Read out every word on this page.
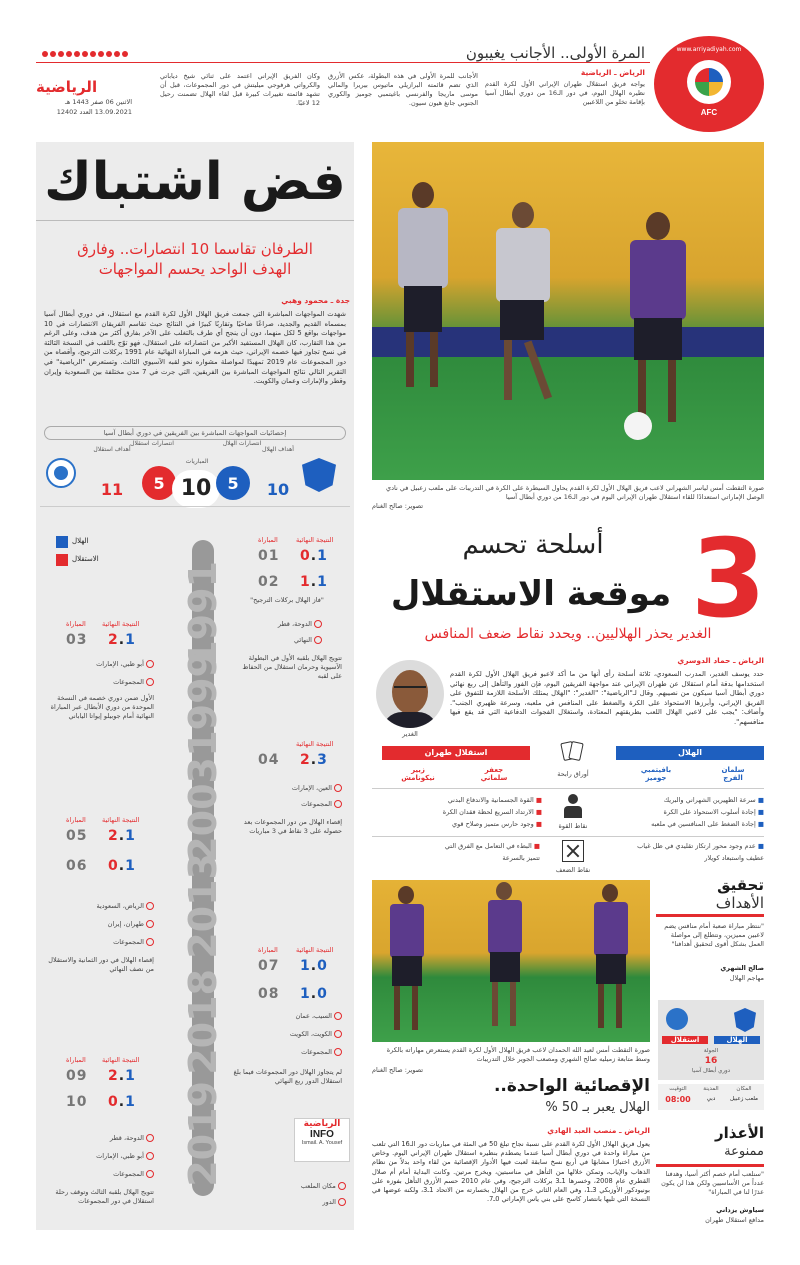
www.arriyadiyah.com
AFC
المرة الأولى.. الأجانب يغيبون
الرياض ـ الرياضية
يواجه فريق استقلال طهران الإيراني الأول لكرة القدم نظيره الهلال اليوم، في دور الـ16 من دوري أبطال آسيا بإقامة تخلو من اللاعبين
الأجانب للمرة الأولى في هذه البطولة، عكس الأزرق الذي تضم قائمته البرازيلي ماتيوس بيريرا والمالي موسى ماريجا والفرنسي باغيتمبي جوميز والكوري الجنوبي جانغ هيون سيون.
وكان الفريق الإيراني اعتمد على ثنائي شيخ دياباتي والكرواتي هرفوجي ميليتش في دور المجموعات، قبل أن تشهد قائمته تغييرات كبيرة قبل لقاء الهلال تضمنت رحيل 12 لاعبًا.
الرياضية
الاثنين 06 صفر 1443 هـ
13.09.2021 العدد 12402
فض اشتباك
الطرفان تقاسما 10 انتصارات.. وفارق
الهدف الواحد يحسم المواجهات
جدة ـ محمود وهبي
شهدت المواجهات المباشرة التي جمعت فريق الهلال الأول لكرة القدم مع استقلال، في دوري أبطال آسيا بمسماه القديم والجديد، صراعًا ضاحيًا وتقاربًا كبيرًا في النتائج حيث تقاسم الفريقان الانتصارات في 10 مواجهات بواقع 5 لكل منهما، دون أن ينجح أي طرف بالتغلب على الآخر بفارق أكثر من هدف، وعلى الرغم من هذا التقارب، كان الهلال المستفيد الأكبر من انتصاراته على استقلال، فهو توّج باللقب في النسخة الثالثة في نسخ تجاوز فيها خصمه الإيراني، حيث هزمه في المباراة النهائية عام 1991 بركلات الترجيح، وأقصاه من دور المجموعات عام 2019 تمهيدًا لمواصلة مشواره نحو لقبه الآسيوي الثالث. وتستعرض "الرياضية" في التقرير التالي نتائج المواجهات المباشرة بين الفريقين، التي جرت في 7 مدن مختلفة بين السعودية وإيران وقطر والإمارات وعمان والكويت.
إحصائيات المواجهات المباشرة بين الفريقين في دوري أبطال آسيا
أهداف استقلال
11
انتصارات استقلال
5
المباريات
10
انتصارات الهلال
5
أهداف الهلال
10
الهلال
الاستقلال
1991
1999
2003
2013
2018
2019
النتيجة النهائية
المباراة
0.1
01
1.1
02
"فاز الهلال بركلات الترجيح"
النتيجة النهائية
المباراة
2.1
03
الدوحة، قطر
النهائي
تتويج الهلال بلقبه الأول في البطولة الآسيوية وحرمان استقلال من الحفاظ على لقبه
أبو ظبي، الإمارات
المجموعات
الأول ضمن دوري خصمه في النسخة الموحدة من دوري الأبطال عبر المباراة النهائية أمام جوبيلو إيواتا الياباني
النتيجة النهائية
2.3
04
العين، الإمارات
المجموعات
إقصاء الهلال من دور المجموعات بعد حصوله على 3 نقاط في 3 مباريات
النتيجة النهائية
المباراة
2.1
05
0.1
06
الرياض، السعودية
طهران، إيران
المجموعات
إقصاء الهلال في دور الثمانية والاستقلال من نصف النهائي
النتيجة النهائية
المباراة
1.0
07
1.0
08
السيب، عمان
الكويت، الكويت
المجموعات
لم يتجاوز الهلال دور المجموعات فيما بلغ استقلال الدور ربع النهائي
النتيجة النهائية
المباراة
2.1
09
0.1
10
الدوحة، قطر
أبو ظبي، الإمارات
المجموعات
تتويج الهلال بلقبه الثالث وتوقف رحلة استقلال في دور المجموعات
الرياضية
INFO
Ismail. A. Yousef
مكان الملعب
الدور
صورة التقطت أمس لياسر الشهراني لاعب فريق الهلال الأول لكرة القدم يحاول السيطرة على الكرة في التدريبات على ملعب زعبيل في نادي الوصل الإماراتي استعدادًا للقاء استقلال طهران الإيراني اليوم في دور الـ16 من دوري أبطال آسيا
تصوير: صالح الغنام
3
أسلحة تحسم
موقعة الاستقلال
الغدير يحذر الهلاليين.. ويحدد نقاط ضعف المنافس
الرياض ـ حماد الدوسري
الغدير
حدد يوسف الغدير، المدرب السعودي، ثلاثة أسلحة رأى أنها من ما أكد لاعبو فريق الهلال الأول لكرة القدم استخدامها بدقة أمام استقلال عن طهران الإيراني عند مواجهة الفريقين اليوم، فإن الفوز والتأهل إلى ربع نهائي دوري أبطال آسيا سيكون من نصيبهم. وقال لـ"الرياضية": "الغدير": "الهلال يمتلك الأسلحة اللازمة للتفوق على الفريق الإيراني، وأبرزها الاستحواذ على الكرة والضغط على المنافس في ملعبه، وسرعة ظهيري الجنب". وأضاف: "يجب على لاعبي الهلال اللعب بطريقتهم المعتادة، واستغلال الفجوات الدفاعية التي قد يقع فيها منافسهم".
الهلال
استقلال طهران
أوراق رابحة	سلمان
الفرج
بافيتمبي
جوميز
جعفر
سلماني
زبير
نيكونامش
نقاط القوة
■ سرعة الظهيرين الشهراني والبريك
■ إجادة أسلوب الاستحواذ على الكرة
■ إجادة الضغط على المنافسين في ملعبه
■ القوة الجسمانية والاندفاع البدني
■ الارتداد السريع لحظة فقدان الكرة
■ وجود حارس متميز وصلاح قوي
نقاط الضعف
■ عدم وجود محور ارتكاز تقليدي في ظل غياب
عطيف واستبعاد كويلار
■ البطء في التعامل مع الفرق التي
تتميز بالسرعة
صورة التقطت أمس لعبد الله الحمدان لاعب فريق الهلال الأول لكرة القدم يستعرض مهاراته بالكرة وسط متابعة زميليه صالح الشهري ومصعب الجوير خلال التدريبات
تصوير: صالح الغنام
تحقيق
الأهداف
"ننتظر مباراة صعبة أمام منافس يضم لاعبين مميزين، ونتطلع إلى مواصلة العمل بشكل أقوى لتحقيق أهدافنا"
صالح الشهري
مهاجم الهلال
الهلال
استقلال
الجولة
16
دوري أبطال آسيا
المكان
ملعب زعبيل
المدينة
دبي
التوقيت
08:00
الإقصائية الواحدة..
الهلال يعبر بـ 50 %
الرياض ـ منصب العبد الهادي
يعول فريق الهلال الأول لكرة القدم على نسبة نجاح تبلغ 50 في المئة في مباريات دور الـ16 التي تلعب من مباراة واحدة في دوري أبطال آسيا عندما يصطدم بنظيره استقلال طهران الإيراني اليوم. وخاض الأزرق اختبارًا مشابهًا في أربع نسخ سابقة لعبت فيها الأدوار الإقصائية من لقاء واحد بدلاً من نظام الذهاب والإياب، وتمكن خلالها من التأهل في مناسبتين، ويخرج مرتين. وكانت البداية أمام أم صلال القطري عام 2008، وخسرها 1ـ3 بركلات الترجيح، وفي عام 2010 حسم الأزرق التأهل بفوزه على بونيودكور الأوزبكي 3ـ1، وفي العام الثاني خرج من الهلال بخسارته من الاتحاد 1ـ3، ولكنه عوضها في النسخة التي تليها بانتصار كاسح على بني ياس الإماراتي 0ـ7.
الأعذار
ممنوعة
"سنلعب أمام خصم أكثر أسيا، وهدفنا عدداً من الأساسيين ولكن هذا لن يكون عذرًا لنا في المباراة"
سياوش يزداني
مدافع استقلال طهران
